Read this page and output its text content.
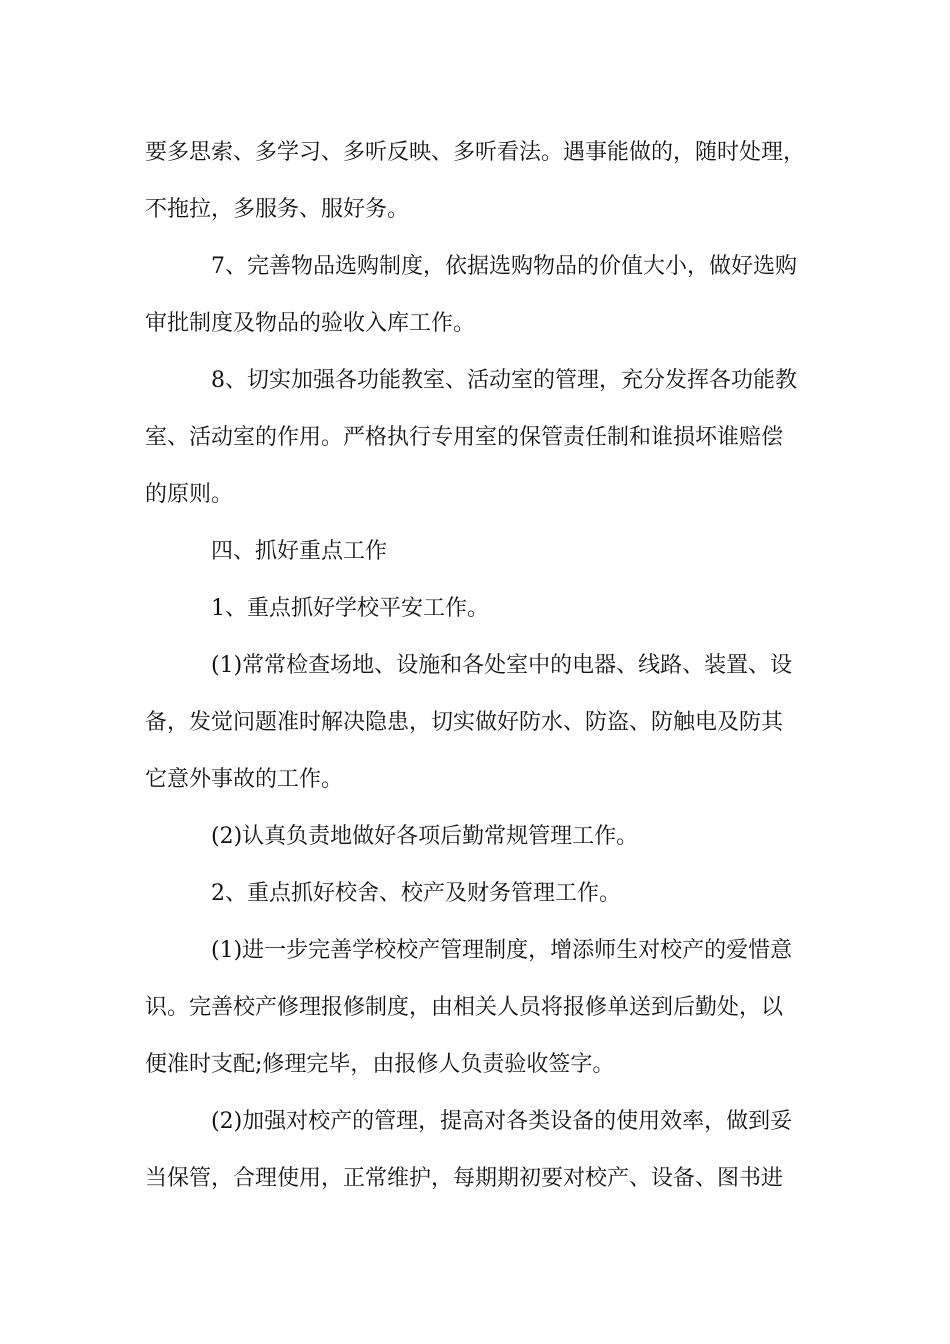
要多思索、多学习、多听反映、多听看法。遇事能做的，随时处理，
不拖拉，多服务、服好务。
7、完善物品选购制度，依据选购物品的价值大小，做好选购
审批制度及物品的验收入库工作。
8、切实加强各功能教室、活动室的管理，充分发挥各功能教
室、活动室的作用。严格执行专用室的保管责任制和谁损坏谁赔偿
的原则。
四、抓好重点工作
1、重点抓好学校平安工作。
(1)常常检查场地、设施和各处室中的电器、线路、装置、设
备，发觉问题准时解决隐患，切实做好防水、防盗、防触电及防其
它意外事故的工作。
(2)认真负责地做好各项后勤常规管理工作。
2、重点抓好校舍、校产及财务管理工作。
(1)进一步完善学校校产管理制度，增添师生对校产的爱惜意
识。完善校产修理报修制度，由相关人员将报修单送到后勤处，以
便准时支配;修理完毕，由报修人负责验收签字。
(2)加强对校产的管理，提高对各类设备的使用效率，做到妥
当保管，合理使用，正常维护，每期期初要对校产、设备、图书进
